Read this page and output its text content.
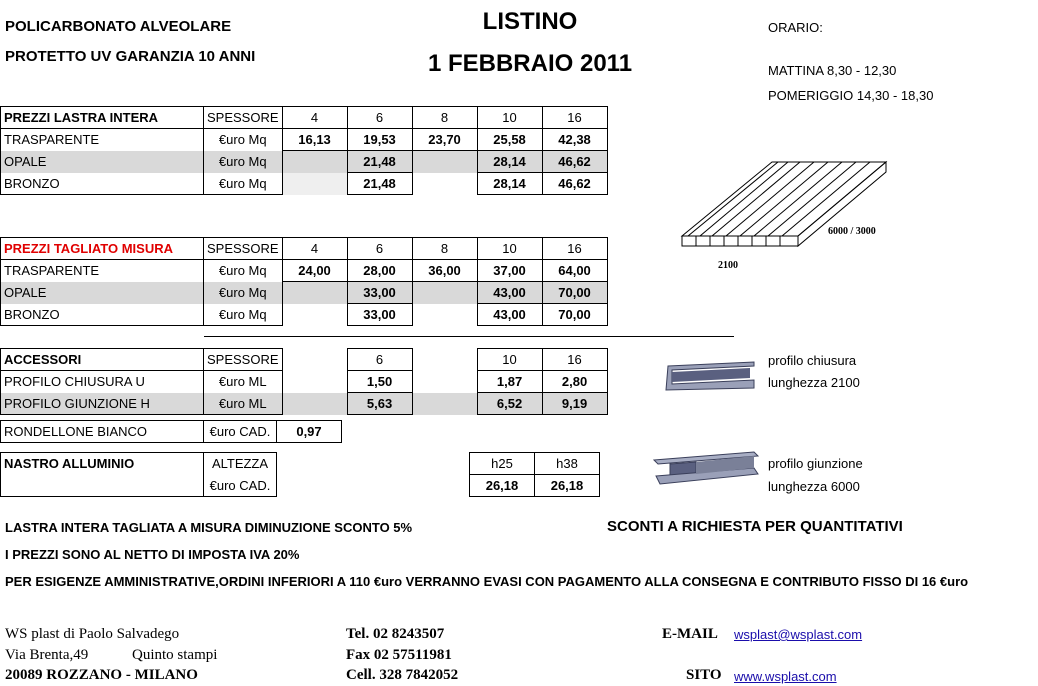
POLICARBONATO ALVEOLARE
PROTETTO UV GARANZIA 10 ANNI
LISTINO
1 FEBBRAIO 2011
ORARIO:
MATTINA 8,30 - 12,30
POMERIGGIO 14,30 - 18,30
PREZZI LASTRA INTERA	SPESSORE	4	6	8	10	16
TRASPARENTE	€uro Mq	16,13	19,53	23,70	25,58	42,38
OPALE	€uro Mq		21,48		28,14	46,62
BRONZO	€uro Mq		21,48		28,14	46,62
PREZZI TAGLIATO MISURA	SPESSORE	4	6	8	10	16
TRASPARENTE	€uro Mq	24,00	28,00	36,00	37,00	64,00
OPALE	€uro Mq		33,00		43,00	70,00
BRONZO	€uro Mq		33,00		43,00	70,00
ACCESSORI	SPESSORE		6		10	16
PROFILO CHIUSURA U	€uro ML		1,50		1,87	2,80
PROFILO GIUNZIONE H	€uro ML		5,63		6,52	9,19
RONDELLONE BIANCO	€uro CAD.	0,97
NASTRO ALLUMINIO	ALTEZZA				h25	h38
	€uro CAD.				26,18	26,18
6000 / 3000
2100
profilo chiusura
lunghezza 2100
profilo giunzione
lunghezza 6000
LASTRA INTERA TAGLIATA A MISURA DIMINUZIONE SCONTO 5%	SCONTI A RICHIESTA PER QUANTITATIVI
I PREZZI SONO AL NETTO DI IMPOSTA IVA 20%
PER ESIGENZE AMMINISTRATIVE,ORDINI INFERIORI A 110 €uro VERRANNO EVASI CON PAGAMENTO ALLA CONSEGNA E CONTRIBUTO FISSO DI 16 €uro
WS plast di Paolo Salvadego
Via Brenta,49	Quinto stampi
20089 ROZZANO - MILANO
Tel. 02 8243507
Fax 02 57511981
Cell. 328 7842052
E-MAIL wsplast@wsplast.com
SITO www.wsplast.com
